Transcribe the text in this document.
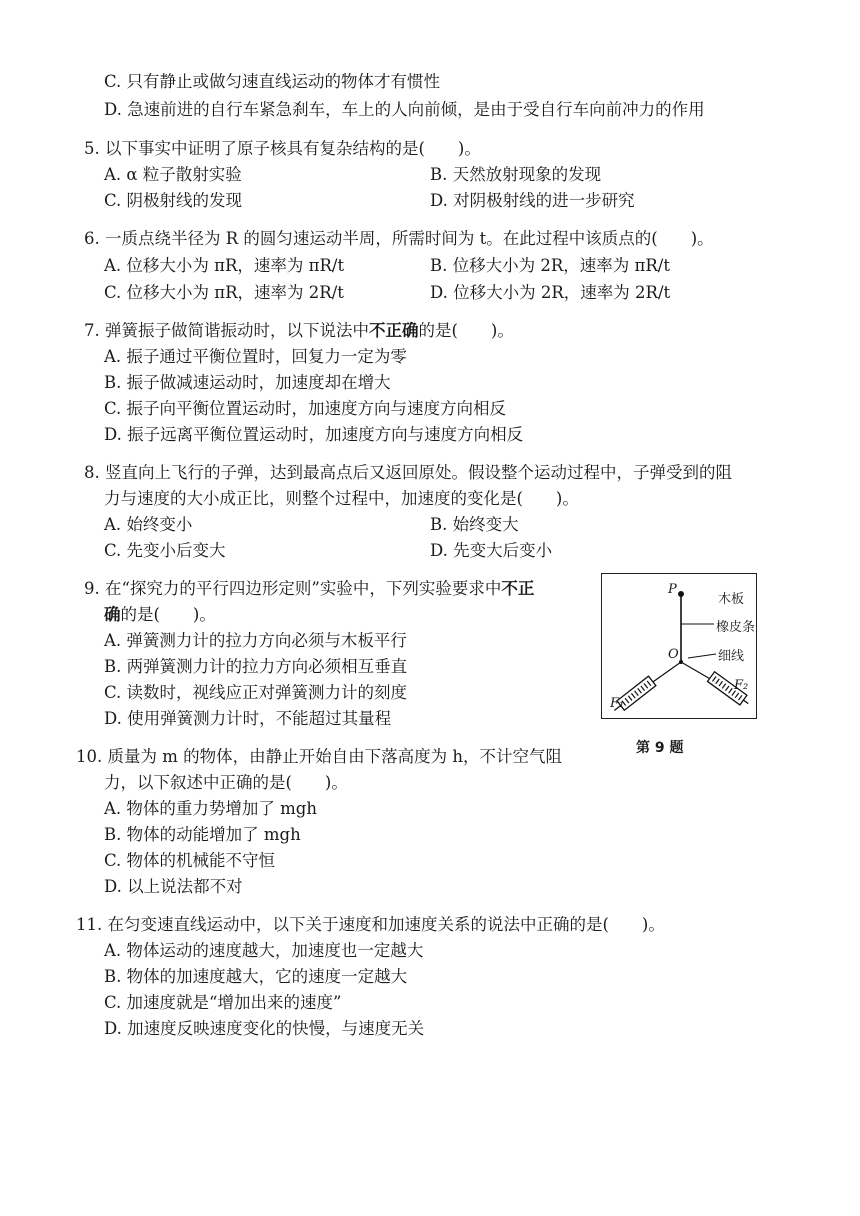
C. 只有静止或做匀速直线运动的物体才有惯性
D. 急速前进的自行车紧急刹车，车上的人向前倾，是由于受自行车向前冲力的作用
5. 以下事实中证明了原子核具有复杂结构的是(　　)。
A. α 粒子散射实验	B. 天然放射现象的发现
C. 阴极射线的发现	D. 对阴极射线的进一步研究
6. 一质点绕半径为 R 的圆匀速运动半周，所需时间为 t。在此过程中该质点的(　　)。
A. 位移大小为 πR，速率为 πR/t	B. 位移大小为 2R，速率为 πR/t
C. 位移大小为 πR，速率为 2R/t	D. 位移大小为 2R，速率为 2R/t
7. 弹簧振子做简谐振动时，以下说法中不正确的是(　　)。
A. 振子通过平衡位置时，回复力一定为零
B. 振子做减速运动时，加速度却在增大
C. 振子向平衡位置运动时，加速度方向与速度方向相反
D. 振子远离平衡位置运动时，加速度方向与速度方向相反
8. 竖直向上飞行的子弹，达到最高点后又返回原处。假设整个运动过程中，子弹受到的阻
力与速度的大小成正比，则整个过程中，加速度的变化是(　　)。
A. 始终变小	B. 始终变大
C. 先变小后变大	D. 先变大后变小
9. 在“探究力的平行四边形定则”实验中，下列实验要求中不正
确的是(　　)。
A. 弹簧测力计的拉力方向必须与木板平行
B. 两弹簧测力计的拉力方向必须相互垂直
C. 读数时，视线应正对弹簧测力计的刻度
D. 使用弹簧测力计时，不能超过其量程
P
木板
橡皮条
O	细线
F₁
F₂
第 9 题
10. 质量为 m 的物体，由静止开始自由下落高度为 h，不计空气阻
力，以下叙述中正确的是(　　)。
A. 物体的重力势增加了 mgh
B. 物体的动能增加了 mgh
C. 物体的机械能不守恒
D. 以上说法都不对
11. 在匀变速直线运动中，以下关于速度和加速度关系的说法中正确的是(　　)。
A. 物体运动的速度越大，加速度也一定越大
B. 物体的加速度越大，它的速度一定越大
C. 加速度就是“增加出来的速度”
D. 加速度反映速度变化的快慢，与速度无关
